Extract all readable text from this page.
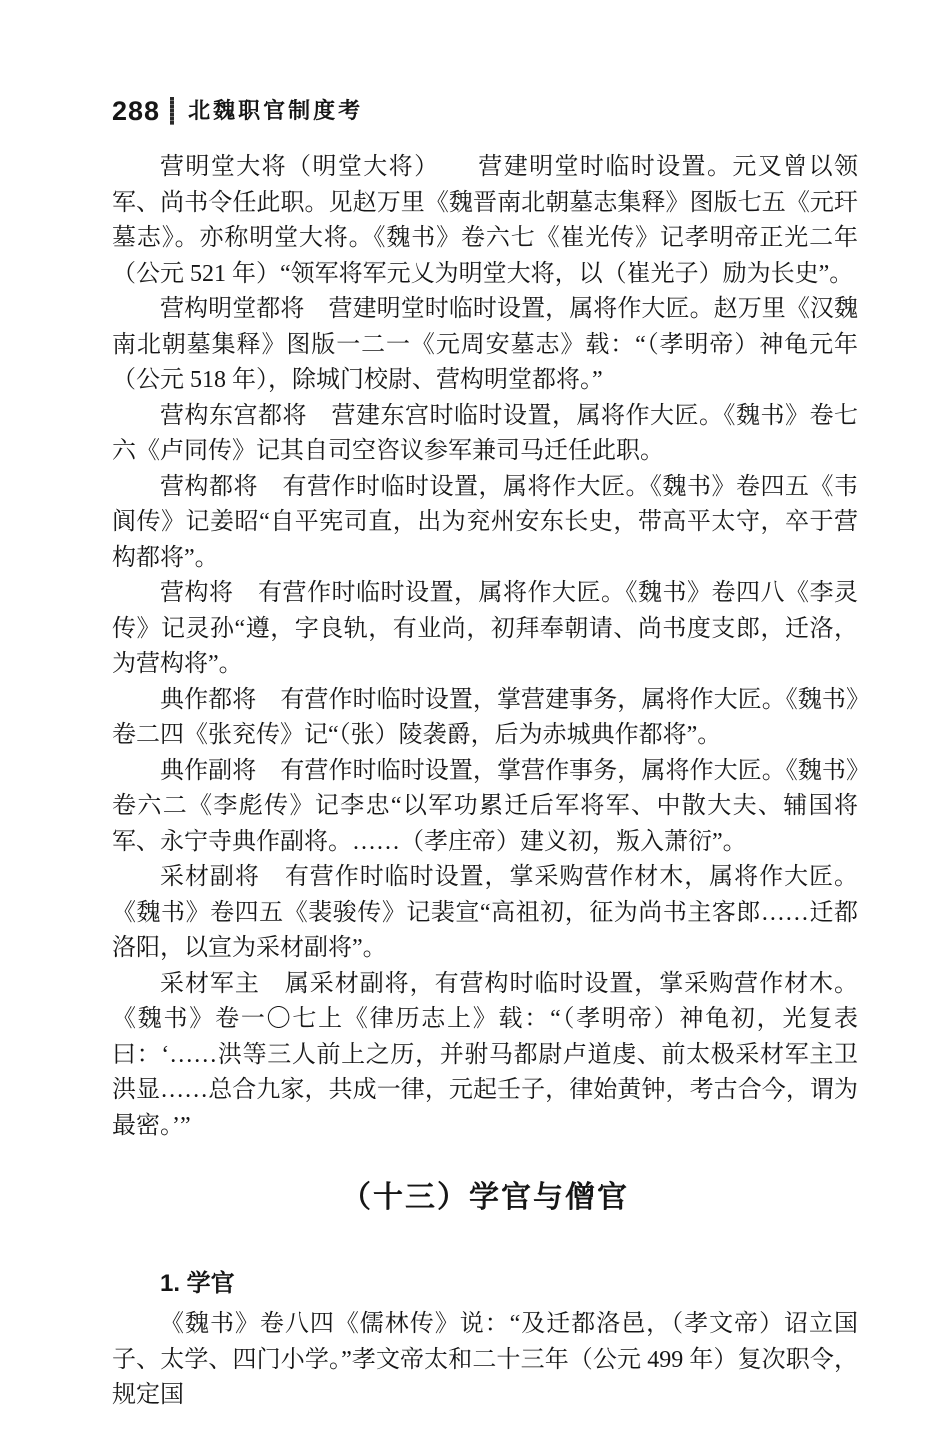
288 北魏职官制度考

营明堂大将（明堂大将）　　营建明堂时临时设置。元叉曾以领军、尚书令任此职。见赵万里《魏晋南北朝墓志集释》图版七五《元玕墓志》。亦称明堂大将。《魏书》卷六七《崔光传》记孝明帝正光二年（公元 521 年）“领军将军元乂为明堂大将，以（崔光子）励为长史”。

营构明堂都将　营建明堂时临时设置，属将作大匠。赵万里《汉魏南北朝墓集释》图版一二一《元周安墓志》载：“（孝明帝）神龟元年（公元 518 年），除城门校尉、营构明堂都将。”

营构东宫都将　营建东宫时临时设置，属将作大匠。《魏书》卷七六《卢同传》记其自司空咨议参军兼司马迁任此职。

营构都将　有营作时临时设置，属将作大匠。《魏书》卷四五《韦阆传》记姜昭“自平宪司直，出为兖州安东长史，带高平太守，卒于营构都将”。

营构将　有营作时临时设置，属将作大匠。《魏书》卷四八《李灵传》记灵孙“遵，字良轨，有业尚，初拜奉朝请、尚书度支郎，迁洛，为营构将”。

典作都将　有营作时临时设置，掌营建事务，属将作大匠。《魏书》卷二四《张兖传》记“（张）陵袭爵，后为赤城典作都将”。

典作副将　有营作时临时设置，掌营作事务，属将作大匠。《魏书》卷六二《李彪传》记李忠“以军功累迁后军将军、中散大夫、辅国将军、永宁寺典作副将。……（孝庄帝）建义初，叛入萧衍”。

采材副将　有营作时临时设置，掌采购营作材木，属将作大匠。《魏书》卷四五《裴骏传》记裴宣“高祖初，征为尚书主客郎……迁都洛阳，以宣为采材副将”。

采材军主　属采材副将，有营构时临时设置，掌采购营作材木。《魏书》卷一〇七上《律历志上》载：“（孝明帝）神龟初，光复表曰：‘……洪等三人前上之历，并驸马都尉卢道虔、前太极采材军主卫洪显……总合九家，共成一律，元起壬子，律始黄钟，考古合今，谓为最密。’”

（十三）学官与僧官
1. 学官

《魏书》卷八四《儒林传》说：“及迁都洛邑，（孝文帝）诏立国子、太学、四门小学。”孝文帝太和二十三年（公元 499 年）复次职令，规定国
